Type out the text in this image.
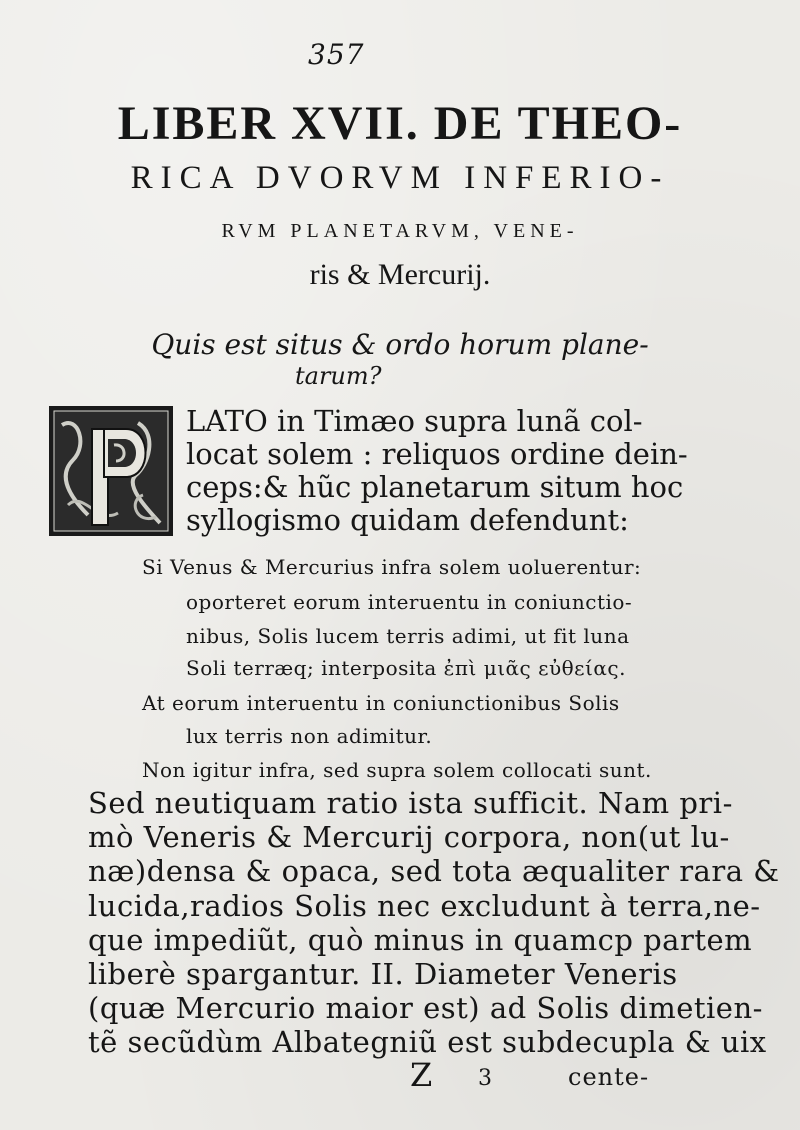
357
LIBER XVII. DE THEO-
RICA DVORVM INFERIO-
RVM PLANETARVM, VENE-
ris & Mercurij.
Quis est situs & ordo horum plane-
tarum?
LATO in Timæo supra lunã col-
locat solem : reliquos ordine dein-
ceps:& hũc planetarum situm hoc
syllogismo quidam defendunt:
Si Venus & Mercurius infra solem uoluerentur:
oporteret eorum interuentu in coniunctio-
nibus, Solis lucem terris adimi, ut fit luna
Soli terræq; interposita ἐπὶ μιᾶς εὐθείας.
At eorum interuentu in coniunctionibus Solis
lux terris non adimitur.
Non igitur infra, sed supra solem collocati sunt.
Sed neutiquam ratio ista sufficit. Nam pri-
mò Veneris & Mercurij corpora, non(ut lu-
næ)densa & opaca, sed tota æqualiter rara &
lucida,radios Solis nec excludunt à terra,ne-
que impediũt, quò minus in quamcp partem
liberè spargantur. II. Diameter Veneris
(quæ Mercurio maior est) ad Solis dimetien-
tẽ secũdùm Albategniũ est subdecupla & uix
Z 3	cente-
